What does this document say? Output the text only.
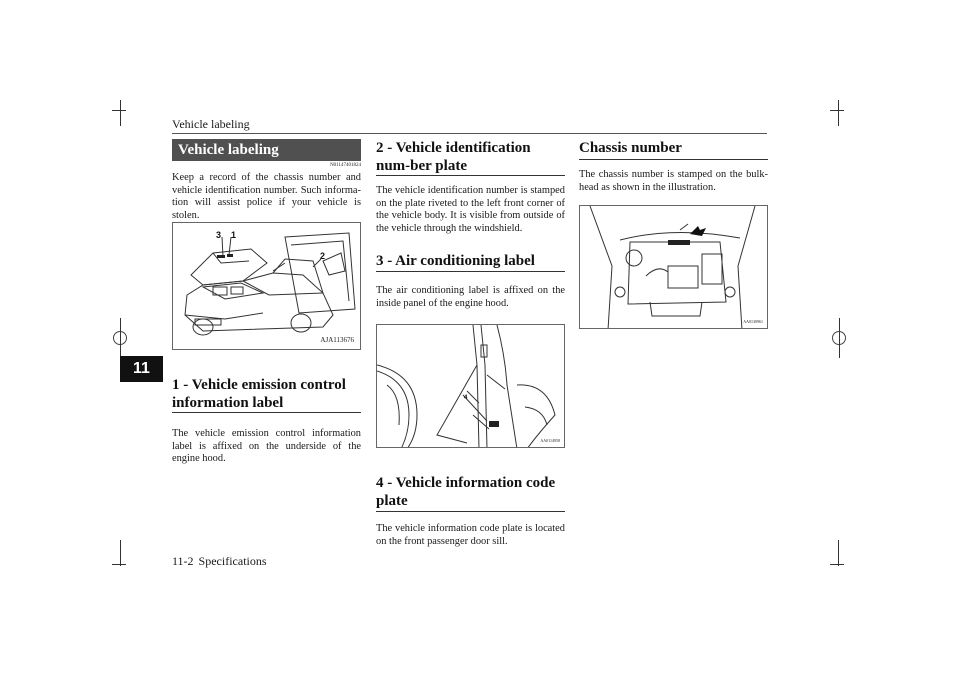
Vehicle labeling
11
Vehicle labeling
N01147401824
Keep a record of the chassis number and vehicle identification number. Such informa-tion will assist police if your vehicle is stolen.
3 1
2
AJA113676
1 - Vehicle emission control information label
The vehicle emission control information label is affixed on the underside of the engine hood.
2 - Vehicle identification num-ber plate
The vehicle identification number is stamped on the plate riveted to the left front corner of the vehicle body. It is visible from outside of the vehicle through the windshield.
3 - Air conditioning label
The air conditioning label is affixed on the inside panel of the engine hood.
4
AA0114958
4 - Vehicle information code plate
The vehicle information code plate is located on the front passenger door sill.
Chassis number
The chassis number is stamped on the bulk-head as shown in the illustration.
AA0130961
11-2 Specifications
